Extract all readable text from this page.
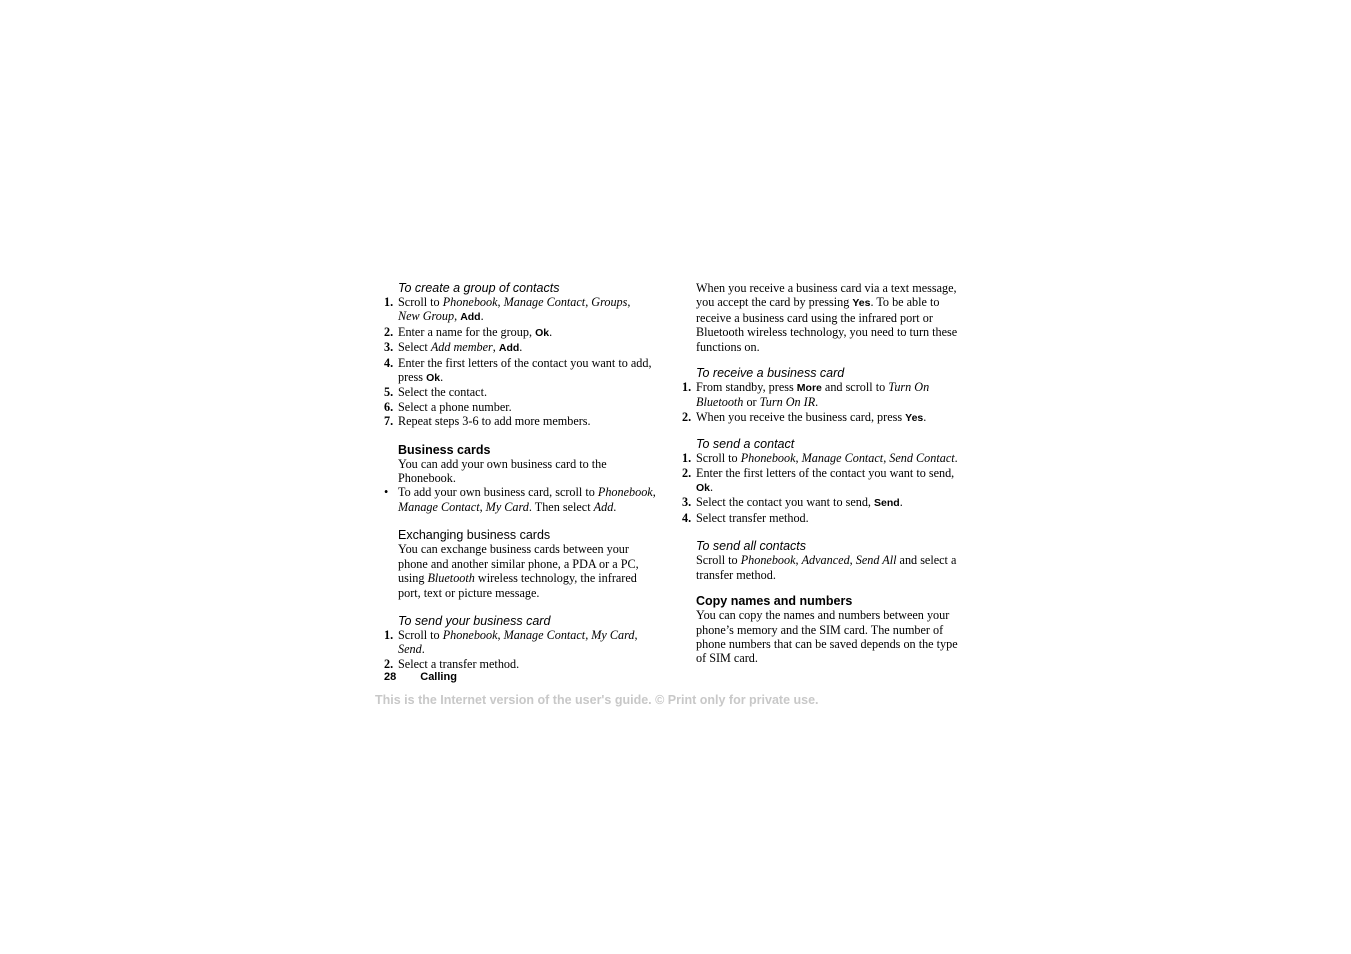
To create a group of contacts
1. Scroll to Phonebook, Manage Contact, Groups,
New Group, Add.
2. Enter a name for the group, Ok.
3. Select Add member, Add.
4. Enter the first letters of the contact you want to add, press Ok.
5. Select the contact.
6. Select a phone number.
7. Repeat steps 3-6 to add more members.
Business cards
You can add your own business card to the Phonebook.
• To add your own business card, scroll to Phonebook,
Manage Contact, My Card. Then select Add.
Exchanging business cards
You can exchange business cards between your phone and another similar phone, a PDA or a PC, using Bluetooth wireless technology, the infrared port, text or picture message.
To send your business card
1. Scroll to Phonebook, Manage Contact, My Card, Send.
2. Select a transfer method.
When you receive a business card via a text message, you accept the card by pressing Yes. To be able to receive a business card using the infrared port or Bluetooth wireless technology, you need to turn these functions on.
To receive a business card
1. From standby, press More and scroll to Turn On Bluetooth or Turn On IR.
2. When you receive the business card, press Yes.
To send a contact
1. Scroll to Phonebook, Manage Contact, Send Contact.
2. Enter the first letters of the contact you want to send, Ok.
3. Select the contact you want to send, Send.
4. Select transfer method.
To send all contacts
Scroll to Phonebook, Advanced, Send All and select a transfer method.
Copy names and numbers
You can copy the names and numbers between your phone’s memory and the SIM card. The number of phone numbers that can be saved depends on the type of SIM card.
28 Calling
This is the Internet version of the user's guide. © Print only for private use.
